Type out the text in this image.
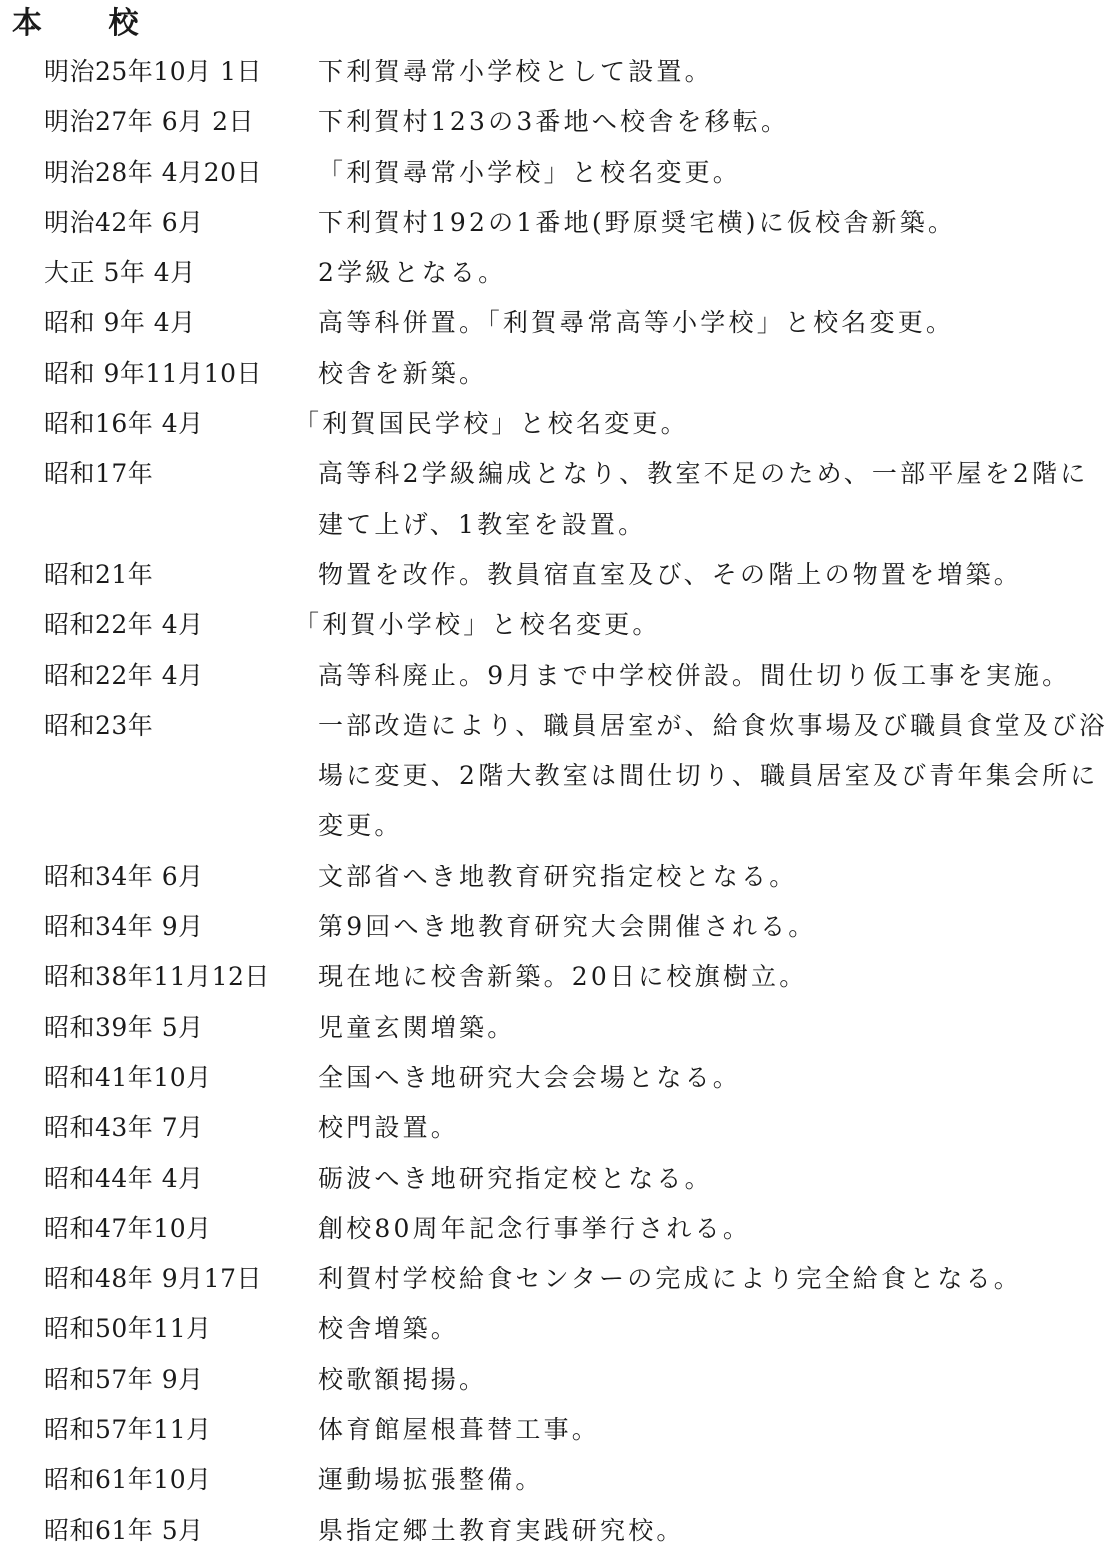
本 校
明治25年10月 1日 下利賀尋常小学校として設置。
明治27年 6月 2日	下利賀村123の3番地へ校舎を移転。
明治28年 4月20日 「利賀尋常小学校」と校名変更。
明治42年 6月	下利賀村192の1番地(野原奨宅横)に仮校舎新築。
大正 5年 4月	2学級となる。
昭和 9年 4月	高等科併置。「利賀尋常高等小学校」と校名変更。
昭和 9年11月10日 校舎を新築。
昭和16年 4月	「利賀国民学校」と校名変更。
昭和17年	高等科2学級編成となり、教室不足のため、一部平屋を2階に建て上げ、1教室を設置。
昭和21年	物置を改作。教員宿直室及び、その階上の物置を増築。
昭和22年 4月	「利賀小学校」と校名変更。
昭和22年 4月	高等科廃止。9月まで中学校併設。間仕切り仮工事を実施。
昭和23年	一部改造により、職員居室が、給食炊事場及び職員食堂及び浴場に変更、2階大教室は間仕切り、職員居室及び青年集会所に変更。
昭和34年 6月	文部省へき地教育研究指定校となる。
昭和34年 9月	第9回へき地教育研究大会開催される。
昭和38年11月12日 現在地に校舎新築。20日に校旗樹立。
昭和39年 5月	児童玄関増築。
昭和41年10月	全国へき地研究大会会場となる。
昭和43年 7月	校門設置。
昭和44年 4月	砺波へき地研究指定校となる。
昭和47年10月	創校80周年記念行事挙行される。
昭和48年 9月17日 利賀村学校給食センターの完成により完全給食となる。
昭和50年11月	校舎増築。
昭和57年 9月	校歌額掲揚。
昭和57年11月	体育館屋根葺替工事。
昭和61年10月	運動場拡張整備。
昭和61年 5月	県指定郷土教育実践研究校。
